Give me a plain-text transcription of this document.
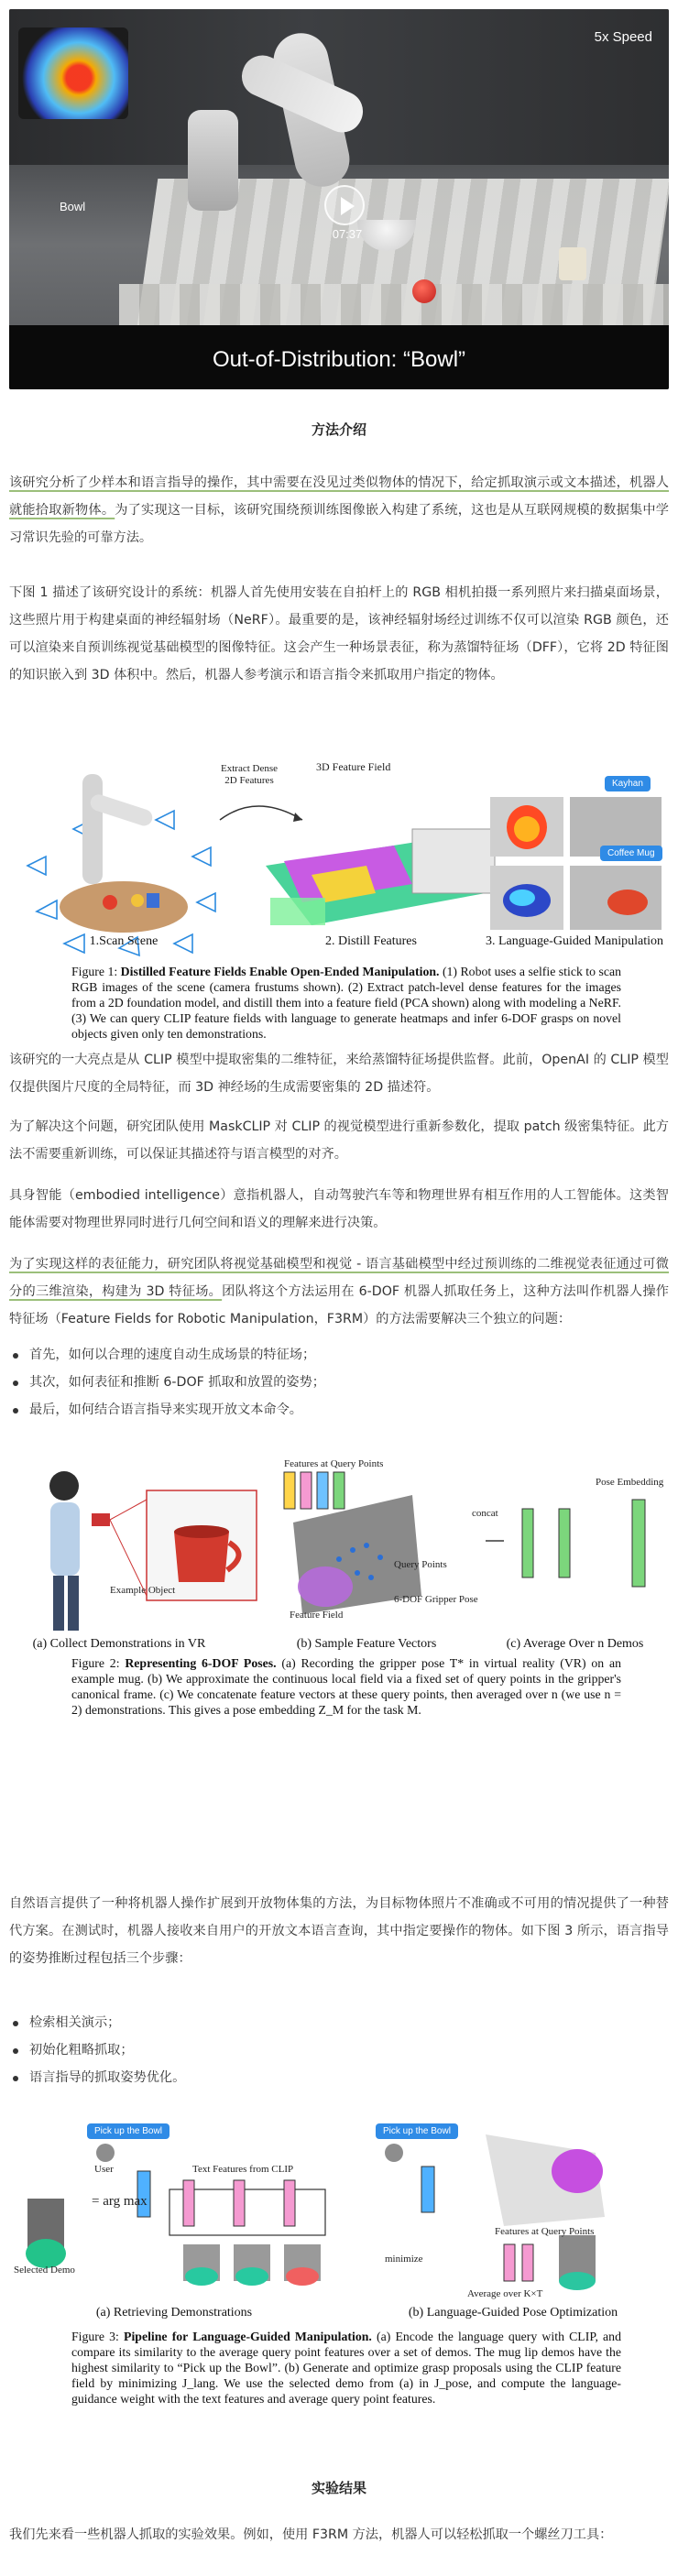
Bowl
5x Speed
07:37
Out-of-Distribution: “Bowl”
方法介绍
该研究分析了少样本和语言指导的操作，其中需要在没见过类似物体的情况下，给定抓取演示或文本描述，机器人就能拾取新物体。为了实现这一目标，该研究围绕预训练图像嵌入构建了系统，这也是从互联网规模的数据集中学习常识先验的可靠方法。
下图 1 描述了该研究设计的系统：机器人首先使用安装在自拍杆上的 RGB 相机拍摄一系列照片来扫描桌面场景，这些照片用于构建桌面的神经辐射场（NeRF）。最重要的是，该神经辐射场经过训练不仅可以渲染 RGB 颜色，还可以渲染来自预训练视觉基础模型的图像特征。这会产生一种场景表征，称为蒸馏特征场（DFF），它将 2D 特征图的知识嵌入到 3D 体积中。然后，机器人参考演示和语言指令来抓取用户指定的物体。
Extract Dense
2D Features
3D Feature Field
Kayhan
Coffee Mug
1.Scan Scene	2. Distill Features	3. Language-Guided Manipulation
Figure 1: Distilled Feature Fields Enable Open-Ended Manipulation. (1) Robot uses a selfie stick to scan RGB images of the scene (camera frustums shown). (2) Extract patch-level dense features for the images from a 2D foundation model, and distill them into a feature field (PCA shown) along with modeling a NeRF. (3) We can query CLIP feature fields with language to generate heatmaps and infer 6-DOF grasps on novel objects given only ten demonstrations.
该研究的一大亮点是从 CLIP 模型中提取密集的二维特征，来给蒸馏特征场提供监督。此前，OpenAI 的 CLIP 模型仅提供图片尺度的全局特征，而 3D 神经场的生成需要密集的 2D 描述符。
为了解决这个问题，研究团队使用 MaskCLIP 对 CLIP 的视觉模型进行重新参数化，提取 patch 级密集特征。此方法不需要重新训练，可以保证其描述符与语言模型的对齐。
具身智能（embodied intelligence）意指机器人，自动驾驶汽车等和物理世界有相互作用的人工智能体。这类智能体需要对物理世界同时进行几何空间和语义的理解来进行决策。
为了实现这样的表征能力，研究团队将视觉基础模型和视觉 - 语言基础模型中经过预训练的二维视觉表征通过可微分的三维渲染，构建为 3D 特征场。团队将这个方法运用在 6-DOF 机器人抓取任务上，这种方法叫作机器人操作特征场（Feature Fields for Robotic Manipulation，F3RM）的方法需要解决三个独立的问题：
首先，如何以合理的速度自动生成场景的特征场；
其次，如何表征和推断 6-DOF 抓取和放置的姿势；
最后，如何结合语言指导来实现开放文本命令。
Example Object
Features at Query Points
Query Points
Feature Field
6-DOF Gripper Pose
concat
Pose Embedding
(a) Collect Demonstrations in VR	(b) Sample Feature Vectors	(c) Average Over n Demos
Figure 2: Representing 6-DOF Poses. (a) Recording the gripper pose T* in virtual reality (VR) on an example mug. (b) We approximate the continuous local field via a fixed set of query points in the gripper's canonical frame. (c) We concatenate feature vectors at these query points, then averaged over n (we use n = 2) demonstrations. This gives a pose embedding Z_M for the task M.
自然语言提供了一种将机器人操作扩展到开放物体集的方法，为目标物体照片不准确或不可用的情况提供了一种替代方案。在测试时，机器人接收来自用户的开放文本语言查询，其中指定要操作的物体。如下图 3 所示，语言指导的姿势推断过程包括三个步骤：
检索相关演示；
初始化粗略抓取；
语言指导的抓取姿势优化。
Pick up the Bowl	Pick up the Bowl
User
Selected Demo
Text Features from CLIP
= arg max
Features at Query Points
minimize
Average over K×T
(a) Retrieving Demonstrations	(b) Language-Guided Pose Optimization
Figure 3: Pipeline for Language-Guided Manipulation. (a) Encode the language query with CLIP, and compare its similarity to the average query point features over a set of demos. The mug lip demos have the highest similarity to “Pick up the Bowl”. (b) Generate and optimize grasp proposals using the CLIP feature field by minimizing J_lang. We use the selected demo from (a) in J_pose, and compute the language-guidance weight with the text features and average query point features.
实验结果
我们先来看一些机器人抓取的实验效果。例如，使用 F3RM 方法，机器人可以轻松抓取一个螺丝刀工具：
